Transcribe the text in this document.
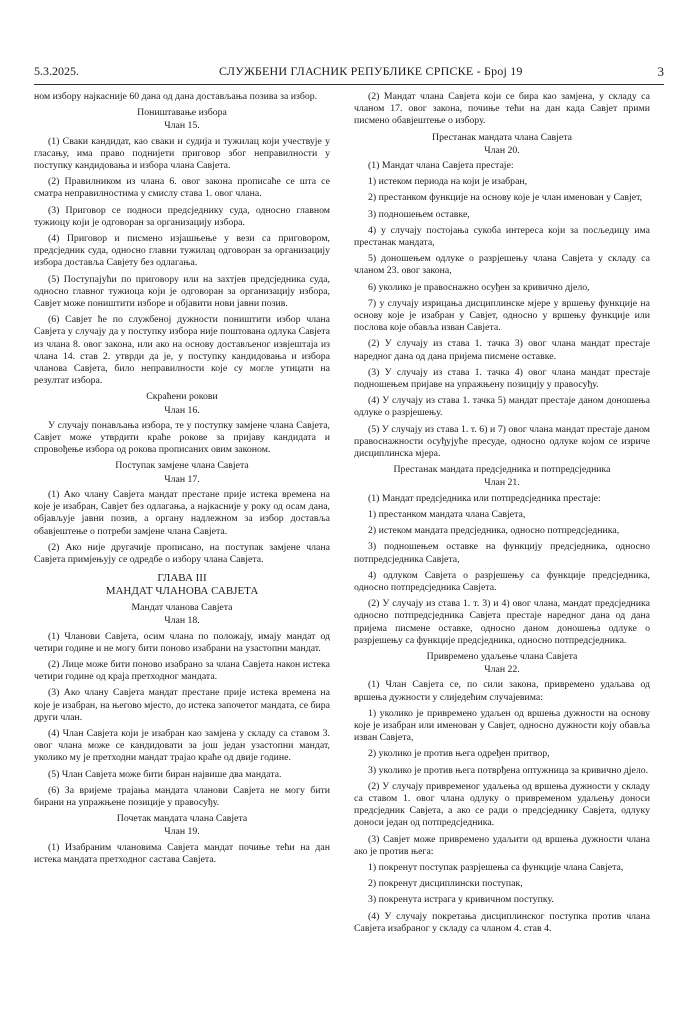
5.3.2025.	СЛУЖБЕНИ ГЛАСНИК РЕПУБЛИКЕ СРПСКЕ - Број 19	3

ном избору најкасније 60 дана од дана достављања позива за избор.

Поништавање избора
Члан 15.

(1) Сваки кандидат, као сваки и судија и тужилац који учествује у гласању, има право поднијети приговор због неправилности у поступку кандидовања и избора члана Савјета.

(2) Правилником из члана 6. овог закона прописаће се шта се сматра неправилностима у смислу става 1. овог члана.

(3) Приговор се подноси предсједнику суда, односно главном тужиоцу који је одговоран за организацију избора.

(4) Приговор и писмено изјашњење у вези са приговором, предсједник суда, односно главни тужилац одговоран за организацију избора доставља Савјету без одлагања.

(5) Поступајући по приговору или на захтјев предсједника суда, односно главног тужиоца који је одговоран за организацију избора, Савјет може поништити изборе и објавити нови јавни позив.

(6) Савјет ће по службеној дужности поништити избор члана Савјета у случају да у поступку избора није поштована одлука Савјета из члана 8. овог закона, или ако на основу достављеног извјештаја из члана 14. став 2. утврди да је, у поступку кандидовања и избора чланова Савјета, било неправилности које су могле утицати на резултат избора.

Скраћени рокови
Члан 16.

У случају понављања избора, те у поступку замјене члана Савјета, Савјет може утврдити краће рокове за пријаву кандидата и спровођење избора од рокова прописаних овим законом.

Поступак замјене члана Савјета
Члан 17.

(1) Ако члану Савјета мандат престане прије истека времена на које је изабран, Савјет без одлагања, а најкасније у року од осам дана, објављује јавни позив, а органу надлежном за избор доставља обавјештење о потреби замјене члана Савјета.

(2) Ако није другачије прописано, на поступак замјене члана Савјета примјењују се одредбе о избору члана Савјета.

ГЛАВА III
МАНДАТ ЧЛАНОВА САВЈЕТА
Мандат чланова Савјета
Члан 18.

(1) Чланови Савјета, осим члана по положају, имају мандат од четири године и не могу бити поново изабрани на узастопни мандат.

(2) Лице може бити поново изабрано за члана Савјета након истека четири године од краја претходног мандата.

(3) Ако члану Савјета мандат престане прије истека времена на које је изабран, на његово мјесто, до истека започетог мандата, се бира други члан.

(4) Члан Савјета који је изабран као замјена у складу са ставом 3. овог члана може се кандидовати за још један узастопни мандат, уколико му је претходни мандат трајао краће од двије године.

(5) Члан Савјета може бити биран највише два мандата.

(6) За вријеме трајања мандата чланови Савјета не могу бити бирани на упражњене позиције у правосуђу.

Почетак мандата члана Савјета
Члан 19.

(1) Изабраним члановима Савјета мандат почиње тећи на дан истека мандата претходног састава Савјета.

(2) Мандат члана Савјета који се бира као замјена, у складу са чланом 17. овог закона, почиње тећи на дан када Савјет прими писмено обавјештење о избору.

Престанак мандата члана Савјета
Члан 20.

(1) Мандат члана Савјета престаје:

1) истеком периода на који је изабран,

2) престанком функције на основу које је члан именован у Савјет,

3) подношењем оставке,

4) у случају постојања сукоба интереса који за посљедицу има престанак мандата,

5) доношењем одлуке о разрјешењу члана Савјета у складу са чланом 23. овог закона,

6) уколико је правоснажно осуђен за кривично дјело,

7) у случају изрицања дисциплинске мјере у вршењу функције на основу које је изабран у Савјет, односно у вршењу функције или послова које обавља изван Савјета.

(2) У случају из става 1. тачка 3) овог члана мандат престаје наредног дана од дана пријема писмене оставке.

(3) У случају из става 1. тачка 4) овог члана мандат престаје подношењем пријаве на упражњену позицију у правосуђу.

(4) У случају из става 1. тачка 5) мандат престаје даном доношења одлуке о разрјешењу.

(5) У случају из става 1. т. 6) и 7) овог члана мандат престаје даном правоснажности осуђујуће пресуде, односно одлуке којом се изриче дисциплинска мјера.

Престанак мандата предсједника и потпредсједника
Члан 21.

(1) Мандат предсједника или потпредсједника престаје:

1) престанком мандата члана Савјета,

2) истеком мандата предсједника, односно потпредсједника,

3) подношењем оставке на функцију предсједника, односно потпредсједника Савјета,

4) одлуком Савјета о разрјешењу са функције предсједника, односно потпредсједника Савјета.

(2) У случају из става 1. т. 3) и 4) овог члана, мандат предсједника односно потпредсједника Савјета престаје наредног дана од дана пријема писмене оставке, односно даном доношења одлуке о разрјешењу са функције предсједника, односно потпредсједника.

Привремено удаљење члана Савјета
Члан 22.

(1) Члан Савјета се, по сили закона, привремено удаљава од вршења дужности у слиједећим случајевима:

1) уколико је привремено удаљен од вршења дужности на основу које је изабран или именован у Савјет, односно дужности коју обавља изван Савјета,

2) уколико је против њега одређен притвор,

3) уколико је против њега потврђена оптужница за кривично дјело.

(2) У случају привременог удаљења од вршења дужности у складу са ставом 1. овог члана одлуку о привременом удаљењу доноси предсједник Савјета, а ако се ради о предсједнику Савјета, одлуку доноси један од потпредсједника.

(3) Савјет може привремено удаљити од вршења дужности члана ако је против њега:

1) покренут поступак разрјешења са функције члана Савјета,

2) покренут дисциплински поступак,

3) покренута истрага у кривичном поступку.

(4) У случају покретања дисциплинског поступка против члана Савјета изабраног у складу са чланом 4. став 4.
